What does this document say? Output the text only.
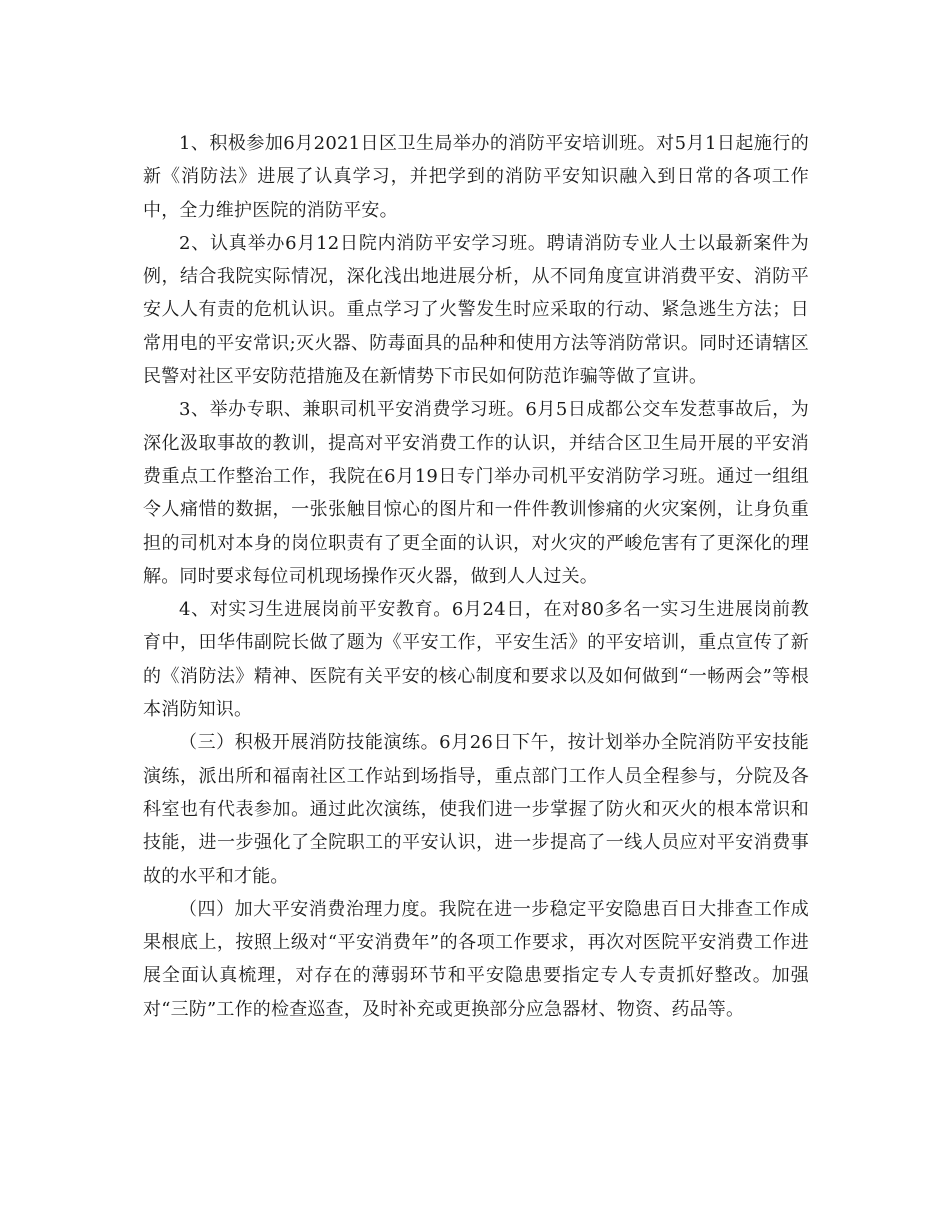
1、积极参加6月2021日区卫生局举办的消防平安培训班。对5月1日起施行的新《消防法》进展了认真学习，并把学到的消防平安知识融入到日常的各项工作中，全力维护医院的消防平安。

2、认真举办6月12日院内消防平安学习班。聘请消防专业人士以最新案件为例，结合我院实际情况，深化浅出地进展分析，从不同角度宣讲消费平安、消防平安人人有责的危机认识。重点学习了火警发生时应采取的行动、紧急逃生方法；日常用电的平安常识;灭火器、防毒面具的品种和使用方法等消防常识。同时还请辖区民警对社区平安防范措施及在新情势下市民如何防范诈骗等做了宣讲。

3、举办专职、兼职司机平安消费学习班。6月5日成都公交车发惹事故后，为深化汲取事故的教训，提高对平安消费工作的认识，并结合区卫生局开展的平安消费重点工作整治工作，我院在6月19日专门举办司机平安消防学习班。通过一组组令人痛惜的数据，一张张触目惊心的图片和一件件教训惨痛的火灾案例，让身负重担的司机对本身的岗位职责有了更全面的认识，对火灾的严峻危害有了更深化的理解。同时要求每位司机现场操作灭火器，做到人人过关。

4、对实习生进展岗前平安教育。6月24日，在对80多名一实习生进展岗前教育中，田华伟副院长做了题为《平安工作，平安生活》的平安培训，重点宣传了新的《消防法》精神、医院有关平安的核心制度和要求以及如何做到“一畅两会”等根本消防知识。

（三）积极开展消防技能演练。6月26日下午，按计划举办全院消防平安技能演练，派出所和福南社区工作站到场指导，重点部门工作人员全程参与，分院及各科室也有代表参加。通过此次演练，使我们进一步掌握了防火和灭火的根本常识和技能，进一步强化了全院职工的平安认识，进一步提高了一线人员应对平安消费事故的水平和才能。

（四）加大平安消费治理力度。我院在进一步稳定平安隐患百日大排查工作成果根底上，按照上级对“平安消费年”的各项工作要求，再次对医院平安消费工作进展全面认真梳理，对存在的薄弱环节和平安隐患要指定专人专责抓好整改。加强对“三防”工作的检查巡查，及时补充或更换部分应急器材、物资、药品等。
